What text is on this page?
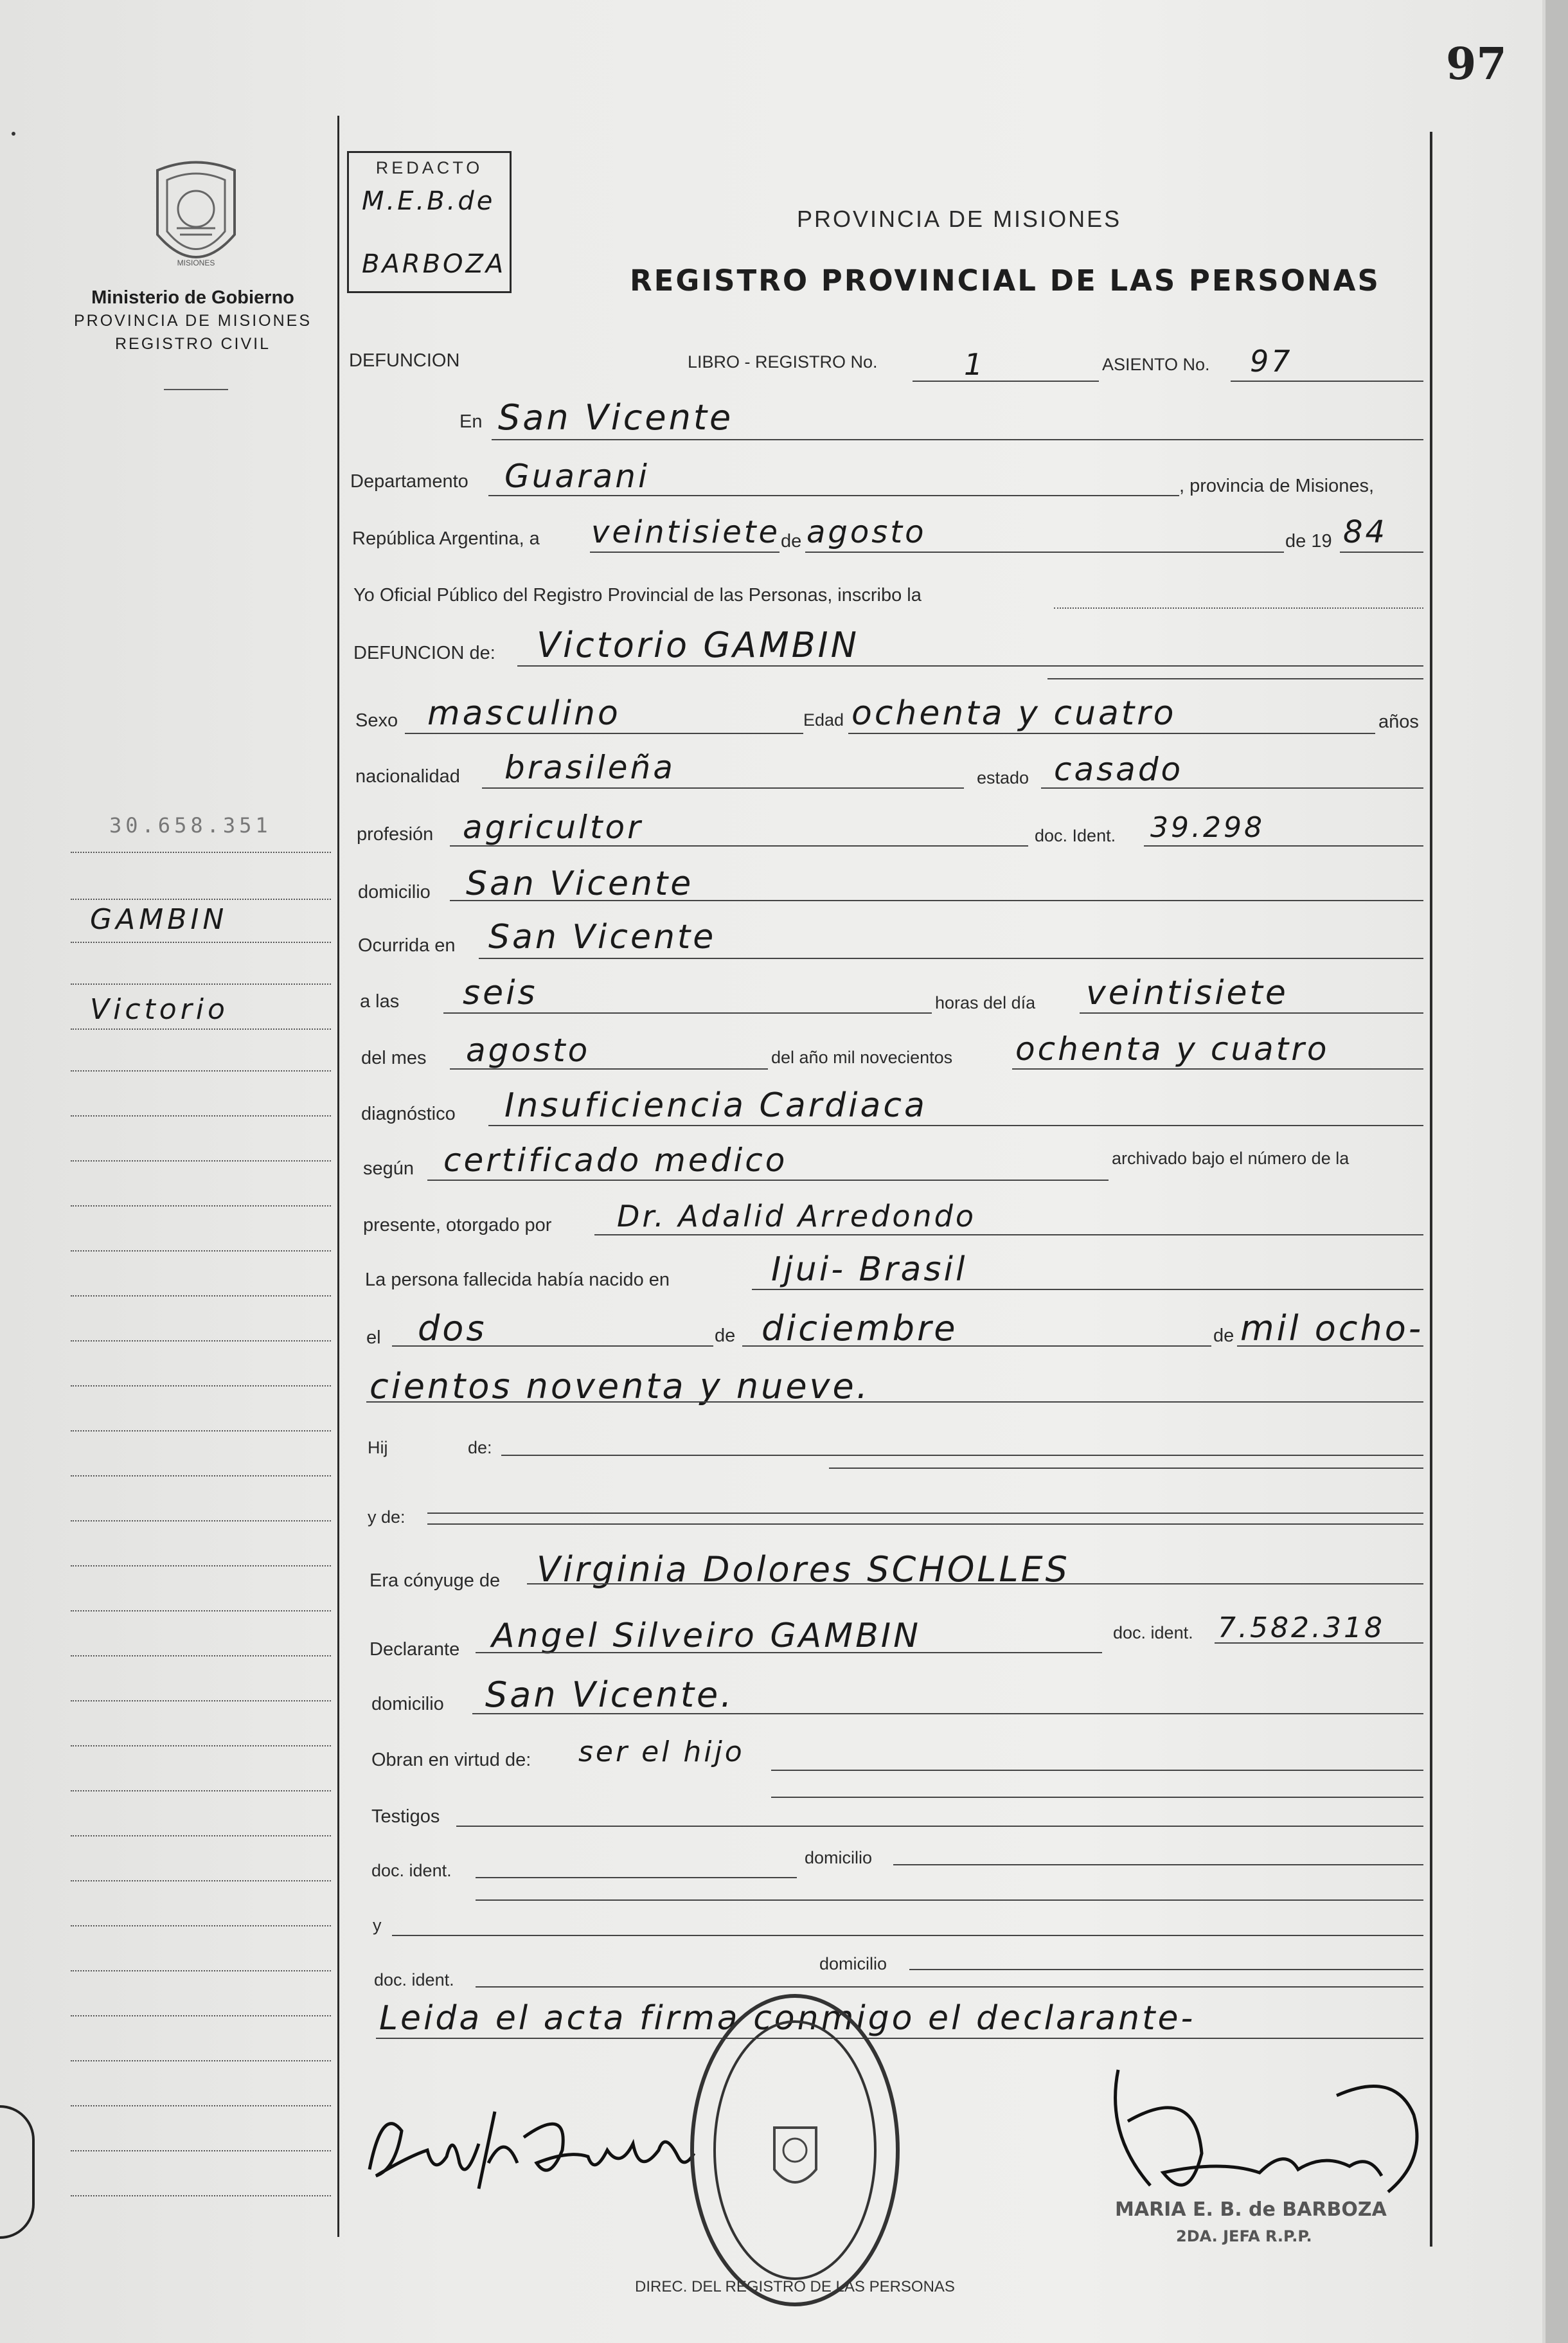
97
MISIONES
Ministerio de Gobierno
PROVINCIA DE MISIONES
REGISTRO CIVIL
REDACTO
M.E.B.de
BARBOZA
PROVINCIA DE MISIONES
REGISTRO PROVINCIAL DE LAS PERSONAS
DEFUNCION	LIBRO - REGISTRO No.	1	ASIENTO No. 97
En San Vicente
Departamento Guarani	, provincia de Misiones,
República Argentina, a veintisiete de agosto	de 19 84
Yo Oficial Público del Registro Provincial de las Personas, inscribo la
DEFUNCION de: Victorio GAMBIN
Sexo masculino	Edad ochenta y cuatro	años
nacionalidad brasileña	estado casado
profesión agricultor	doc. Ident. 39.298
domicilio San Vicente
Ocurrida en San Vicente
a las seis	horas del día veintisiete
del mes agosto	del año mil novecientos ochenta y cuatro
diagnóstico Insuficiencia Cardiaca
según certificado medico	archivado bajo el número de la
presente, otorgado por Dr. Adalid Arredondo
La persona fallecida había nacido en	Ijui- Brasil
el dos	de diciembre	de mil ocho-
cientos noventa y nueve.
Hij	de:
y de:
Era cónyuge de Virginia Dolores SCHOLLES
Declarante Angel Silveiro GAMBIN	doc. ident. 7.582.318
domicilio San Vicente.
Obran en virtud de: ser el hijo
Testigos
doc. ident.
domicilio
y
domicilio
doc. ident.
Leida el acta firma conmigo el declarante-
30.658.351
GAMBIN
Victorio
DIREC. DEL REGISTRO DE LAS PERSONAS
MARIA E. B. de BARBOZA
2DA. JEFA R.P.P.
